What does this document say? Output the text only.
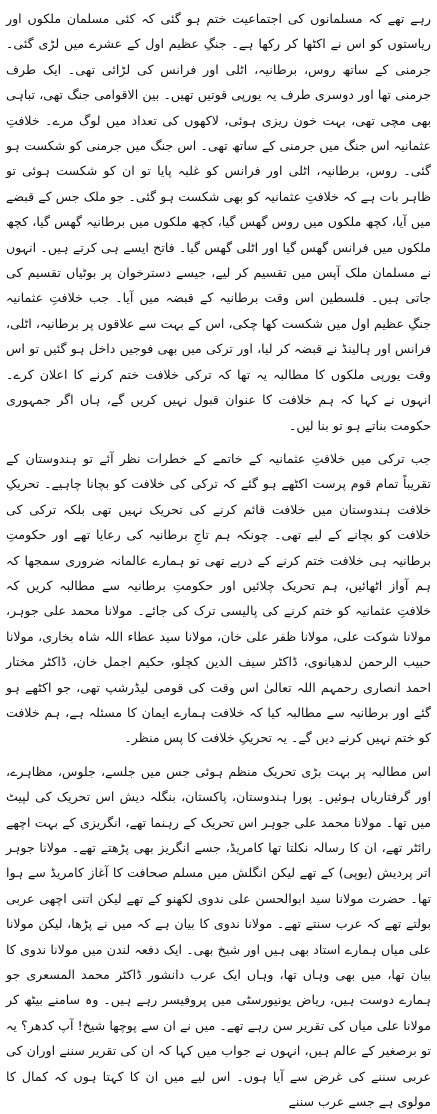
رہے تھے کہ مسلمانوں کی اجتماعیت ختم ہو گئی کہ کئی مسلمان ملکوں اور ریاستوں کو اس نے اکٹھا کر رکھا ہے۔ جنگِ عظیم اول کے عشرے میں لڑی گئی۔ جرمنی کے ساتھ روس، برطانیہ، اٹلی اور فرانس کی لڑائی تھی۔ ایک طرف جرمنی تھا اور دوسری طرف یہ یورپی قوتیں تھیں۔ بین الاقوامی جنگ تھی، تباہی بھی مچی تھی، بہت خون ریزی ہوئی، لاکھوں کی تعداد میں لوگ مرے۔ خلافتِ عثمانیہ اس جنگ میں جرمنی کے ساتھ تھی۔ اس جنگ میں جرمنی کو شکست ہو گئی۔ روس، برطانیہ، اٹلی اور فرانس کو غلبہ پایا تو ان کو شکست ہوئی تو ظاہر بات ہے کہ خلافتِ عثمانیہ کو بھی شکست ہو گئی۔ جو ملک جس کے قبضے میں آیا، کچھ ملکوں میں روس گھس گیا، کچھ ملکوں میں برطانیہ گھس گیا، کچھ ملکوں میں فرانس گھس گیا اور اٹلی گھس گیا۔ فاتح ایسے ہی کرتے ہیں۔ انہوں نے مسلمان ملک آپس میں تقسیم کر لیے، جیسے دسترخوان پر بوٹیاں تقسیم کی جاتی ہیں۔ فلسطین اس وقت برطانیہ کے قبضہ میں آیا۔ جب خلافتِ عثمانیہ جنگِ عظیم اول میں شکست کھا چکی، اس کے بہت سے علاقوں پر برطانیہ، اٹلی، فرانس اور ہالینڈ نے قبضہ کر لیا، اور ترکی میں بھی فوجیں داخل ہو گئیں تو اس وقت یورپی ملکوں کا مطالبہ یہ تھا کہ ترکی خلافت ختم کرنے کا اعلان کرے۔ انہوں نے کہا کہ ہم خلافت کا عنوان قبول نہیں کریں گے، ہاں اگر جمہوری حکومت بناتے ہو تو بنا لیں۔

جب ترکی میں خلافتِ عثمانیہ کے خاتمے کے خطرات نظر آئے تو ہندوستان کے تقریباً تمام قوم پرست اکٹھے ہو گئے کہ ترکی کی خلافت کو بچانا چاہیے۔ تحریکِ خلافت ہندوستان میں خلافت قائم کرنے کی تحریک نہیں تھی بلکہ ترکی کی خلافت کو بچانے کے لیے تھی۔ چونکہ ہم تاجِ برطانیہ کی رعایا تھے اور حکومتِ برطانیہ ہی خلافت ختم کرنے کے درپے تھی تو ہمارے عالمانہ ضروری سمجھا کہ ہم آواز اٹھائیں، ہم تحریک چلائیں اور حکومتِ برطانیہ سے مطالبہ کریں کہ خلافتِ عثمانیہ کو ختم کرنے کی پالیسی ترک کی جائے۔ مولانا محمد علی جوہر، مولانا شوکت علی، مولانا ظفر علی خان، مولانا سید عطاء اللہ شاہ بخاری، مولانا حبیب الرحمن لدھیانوی، ڈاکٹر سیف الدین کچلو، حکیم اجمل خان، ڈاکٹر مختار احمد انصاری رحمہم اللہ تعالیٰ اس وقت کی قومی لیڈرشپ تھی، جو اکٹھے ہو گئے اور برطانیہ سے مطالبہ کیا کہ خلافت ہمارے ایمان کا مسئلہ ہے، ہم خلافت کو ختم نہیں کرنے دیں گے۔ یہ تحریکِ خلافت کا پس منظر۔

اس مطالبہ پر بہت بڑی تحریک منظم ہوئی جس میں جلسے، جلوس، مظاہرے، اور گرفتاریاں ہوئیں۔ پورا ہندوستان، پاکستان، بنگلہ دیش اس تحریک کی لپیٹ میں تھا۔ مولانا محمد علی جوہر اس تحریک کے رہنما تھے، انگریزی کے بہت اچھے رائٹر تھے، ان کا رسالہ نکلتا تھا کامریڈ، جسے انگریز بھی پڑھتے تھے۔ مولانا جوہر اتر پردیش (یوپی) کے تھے لیکن انگلش میں مسلم صحافت کا آغاز کامریڈ سے ہوا تھا۔ حضرت مولانا سید ابوالحسن علی ندوی لکھنو کے تھے لیکن اتنی اچھی عربی بولتے تھے کہ عرب سنتے تھے۔ مولانا ندوی کا بیان ہے کہ میں نے پڑھا، لیکن مولانا علی میاں ہمارے استاد بھی ہیں اور شیخ بھی۔ ایک دفعہ لندن میں مولانا ندوی کا بیان تھا، میں بھی وہاں تھا، وہاں ایک عرب دانشور ڈاکٹر محمد المسعری جو ہمارے دوست ہیں، ریاض یونیورسٹی میں پروفیسر رہے ہیں۔ وہ سامنے بیٹھ کر مولانا علی میاں کی تقریر سن رہے تھے۔ میں نے ان سے پوچھا شیخ! آپ کدھر؟ یہ تو برصغیر کے عالم ہیں، انہوں نے جواب میں کہا کہ ان کی تقریر سننے اوران کی عربی سننے کی غرض سے آیا ہوں۔ اس لیے میں ان کا کہتا ہوں کہ کمال کا مولوی ہے جسے عرب سننے
